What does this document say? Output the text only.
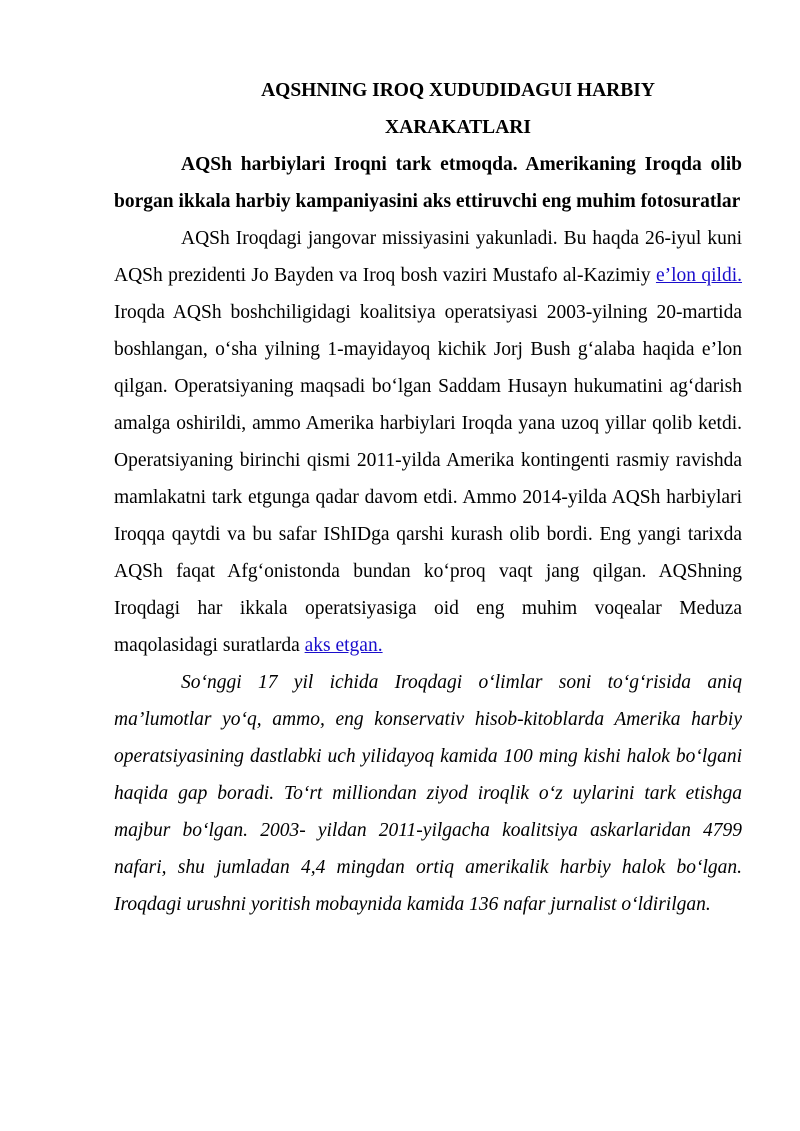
AQSHNING IROQ XUDUDIDAGUI HARBIY
XARAKATLARI

AQSh harbiylari Iroqni tark etmoqda. Amerikaning Iroqda olib borgan ikkala harbiy kampaniyasini aks ettiruvchi eng muhim fotosuratlar

AQSh Iroqdagi jangovar missiyasini yakunladi. Bu haqda 26-iyul kuni AQSh prezidenti Jo Bayden va Iroq bosh vaziri Mustafo al-Kazimiy e’lon qildi. Iroqda AQSh boshchiligidagi koalitsiya operatsiyasi 2003-yilning 20-martida boshlangan, o‘sha yilning 1-mayidayoq kichik Jorj Bush g‘alaba haqida e’lon qilgan. Operatsiyaning maqsadi bo‘lgan Saddam Husayn hukumatini ag‘darish amalga oshirildi, ammo Amerika harbiylari Iroqda yana uzoq yillar qolib ketdi. Operatsiyaning birinchi qismi 2011-yilda Amerika kontingenti rasmiy ravishda mamlakatni tark etgunga qadar davom etdi. Ammo 2014-yilda AQSh harbiylari Iroqqa qaytdi va bu safar IShIDga qarshi kurash olib bordi. Eng yangi tarixda AQSh faqat Afg‘onistonda bundan ko‘proq vaqt jang qilgan. AQShning Iroqdagi har ikkala operatsiyasiga oid eng muhim voqealar Meduza maqolasidagi suratlarda aks etgan.

So‘nggi 17 yil ichida Iroqdagi o‘limlar soni to‘g‘risida aniq ma’lumotlar yo‘q, ammo, eng konservativ hisob-kitoblarda Amerika harbiy operatsiyasining dastlabki uch yilidayoq kamida 100 ming kishi halok bo‘lgani haqida gap boradi. To‘rt milliondan ziyod iroqlik o‘z uylarini tark etishga majbur bo‘lgan. 2003- yildan 2011-yilgacha koalitsiya askarlaridan 4799 nafari, shu jumladan 4,4 mingdan ortiq amerikalik harbiy halok bo‘lgan. Iroqdagi urushni yoritish mobaynida kamida 136 nafar jurnalist o‘ldirilgan.
